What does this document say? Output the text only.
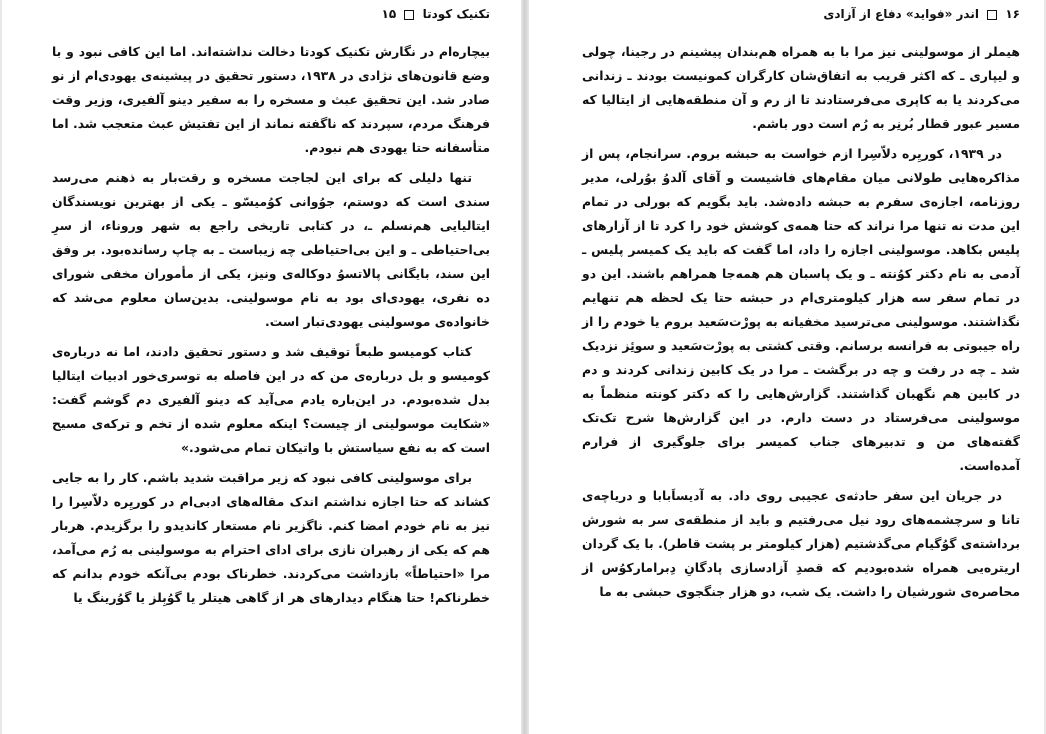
تکنیک کودتا  ۱۵

بیچاره‌ام در نگارش تکنیک کودتا دخالت نداشته‌اند. اما این کافی نبود و با وضع قانون‌های نژادی در ۱۹۳۸، دستور تحقیق در پیشینه‌ی یهودی‌ام از نو صادر شد. این تحقیق عبث و مسخره را به سفیر دینو آلفیری، وزیر وقت فرهنگ مردم، سپردند که ناگفته نماند از این تفتیش عبث متعجب شد. اما متأسفانه حتا یهودی هم نبودم.

تنها دلیلی که برای این لجاجت مسخره و رقت‌بار به ذهنم می‌رسد سندی است که دوستم، جوُوانی کوُمیسّو ـ یکی از بهترین نویسندگان ایتالیایی هم‌نسلم ـ، در کتابی تاریخی راجع به شهر وروناء، از سرِ بی‌احتیاطی ـ و این بی‌احتیاطی چه زیباست ـ به چاپ رسانده‌بود. بر وفق این سند، بایگانی پالاتسوُ دوکاله‌ی ونیز، یکی از مأموران مخفی شورای ده نفری، یهودی‌ای بود به نام موسولینی. بدین‌سان معلوم می‌شد که خانواده‌ی موسولینی یهودی‌تبار است.

کتاب کومیسو طبعاً توقیف شد و دستور تحقیق دادند، اما نه درباره‌ی کومیسو و بل درباره‌ی من که در این فاصله به توسری‌خور ادبیات ایتالیا بدل شده‌بودم. در این‌باره یادم می‌آید که دینو آلفیری دم گوشم گفت: «شکایت موسولینی از چیست؟ اینکه معلوم شده از تخم و ترکه‌ی مسیح است که به نفع سیاستش با واتیکان تمام می‌شود.»

برای موسولینی کافی نبود که زیر مراقبت شدید باشم. کار را به جایی کشاند که حتا اجازه نداشتم اندک مقاله‌های ادبی‌ام در کوریِره دلاّسِرا را نیز به نام خودم امضا کنم. ناگزیر نام مستعار کاندیدو را برگزیدم. هربار هم که یکی از رهبران نازی برای ادای احترام به موسولینی به رُم می‌آمد، مرا «احتیاطاً» بازداشت می‌کردند. خطرناک بودم بی‌آنکه خودم بدانم که خطرناکم! حتا هنگام دیدارهای هر از گاهی هیتلر یا گوُبِلز یا گوُرینگ یا

۱۶  اندر «فواید» دفاع از آزادی

هیملر از موسولینی نیز مرا با به همراه هم‌بندان پیشینم در رجینا، چولی و لیپاری ـ که اکثر قریب به اتفاق‌شان کارگران کمونیست بودند ـ زندانی می‌کردند یا به کاپری می‌فرستادند تا از رم و آن منطقه‌هایی از ایتالیا که مسیر عبور قطار بُرنِر به رُم است دور باشم.

در ۱۹۳۹، کوریِره دلاّسِرا ازم خواست به حبشه بروم. سرانجام، پس از مذاکره‌هایی طولانی میان مقام‌های فاشیست و آقای آلدوُ بوُرلی، مدیر روزنامه، اجازه‌ی سفرم به حبشه داده‌شد. باید بگویم که بورلی در تمام این مدت نه تنها مرا نراند که حتا همه‌ی کوشش خود را کرد تا از آزارهای پلیس بکاهد. موسولینی اجازه را داد، اما گفت که باید یک کمیسر پلیس ـ آدمی به نام دکتر کوُنته ـ و یک پاسبان هم همه‌جا همراهم باشند. این دو در تمام سفر سه هزار کیلومتری‌ام در حبشه حتا یک لحظه هم تنهایم نگذاشتند. موسولینی می‌ترسید مخفیانه به پورْت‌سَعید بروم یا خودم را از راه جیبوتی به فرانسه برسانم. وقتی کشتی به پورْت‌سَعید و سوئِز نزدیک شد ـ چه در رفت و چه در برگشت ـ مرا در یک کابین زندانی کردند و دم در کابین هم نگهبان گذاشتند. گزارش‌هایی را که دکتر کونته منظماً به موسولینی می‌فرستاد در دست دارم. در این گزارش‌ها شرح تک‌تک گفته‌های من و تدبیرهای جناب کمیسر برای جلوگیری از فرارم آمده‌است.

در جریان این سفر حادثه‌ی عجیبی روی داد. به آدیساَبابا و دریاچه‌ی تانا و سرچشمه‌های رود نیل می‌رفتیم و باید از منطقه‌ی سر به شورش برداشته‌ی گوُگیام می‌گذشتیم (هزار کیلومتر بر پشت قاطر). با یک گردان اریتره‌یی همراه شده‌بودیم که قصدِ آزادسازی پادگانِ دِبرامارکوُس از محاصره‌ی شورشیان را داشت. یک شب، دو هزار جنگجوی حبشی به ما
